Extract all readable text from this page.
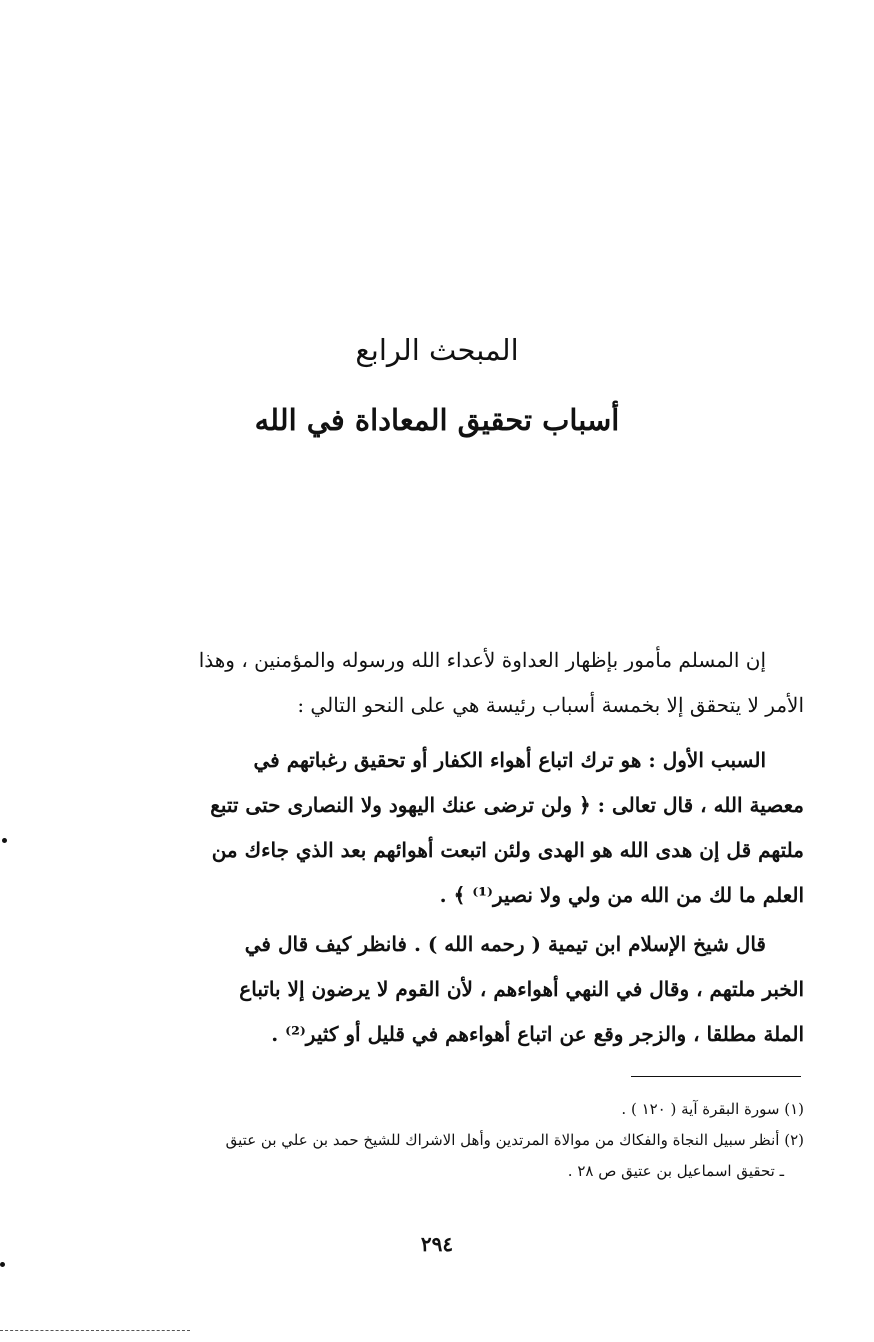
المبحث الرابع
أسباب تحقيق المعاداة في الله
إن المسلم مأمور بإظهار العداوة لأعداء الله ورسوله والمؤمنين ، وهذا
الأمر لا يتحقق إلا بخمسة أسباب رئيسة هي على النحو التالي :
السبب الأول : هو ترك اتباع أهواء الكفار أو تحقيق رغباتهم في
معصية الله ، قال تعالى : ﴿ ولن ترضى عنك اليهود ولا النصارى حتى تتبع
ملتهم قل إن هدى الله هو الهدى ولئن اتبعت أهوائهم بعد الذي جاءك من
العلم ما لك من الله من ولي ولا نصير⁽¹⁾ ﴾ .
قال شيخ الإسلام ابن تيمية ( رحمه الله ) . فانظر كيف قال في
الخبر ملتهم ، وقال في النهي أهواءهم ، لأن القوم لا يرضون إلا باتباع
الملة مطلقا ، والزجر وقع عن اتباع أهواءهم في قليل أو كثير⁽²⁾ .
(١) سورة البقرة آية ( ١٢٠ ) .
(٢) أنظر سبيل النجاة والفكاك من موالاة المرتدين وأهل الاشراك للشيخ حمد بن علي بن عتيق
ـ تحقيق اسماعيل بن عتيق ص ٢٨ .
٢٩٤
